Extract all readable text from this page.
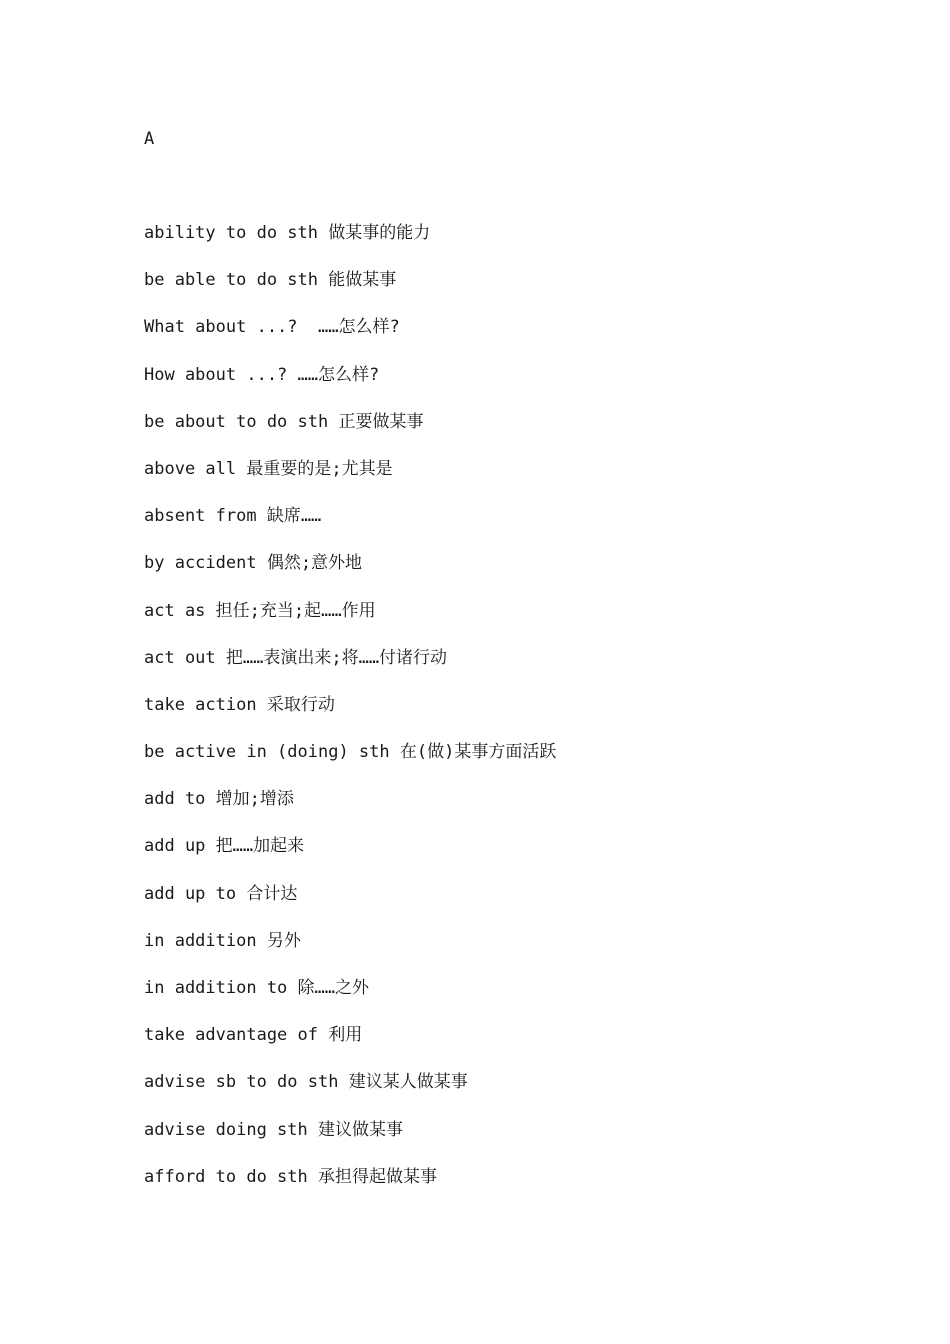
A
ability to do sth 做某事的能力
be able to do sth 能做某事
What about ...?  ……怎么样?
How about ...? ……怎么样?
be about to do sth 正要做某事
above all 最重要的是;尤其是
absent from 缺席……
by accident 偶然;意外地
act as 担任;充当;起……作用
act out 把……表演出来;将……付诸行动
take action 采取行动
be active in (doing) sth 在(做)某事方面活跃
add to 增加;增添
add up 把……加起来
add up to 合计达
in addition 另外
in addition to 除……之外
take advantage of 利用
advise sb to do sth 建议某人做某事
advise doing sth 建议做某事
afford to do sth 承担得起做某事
